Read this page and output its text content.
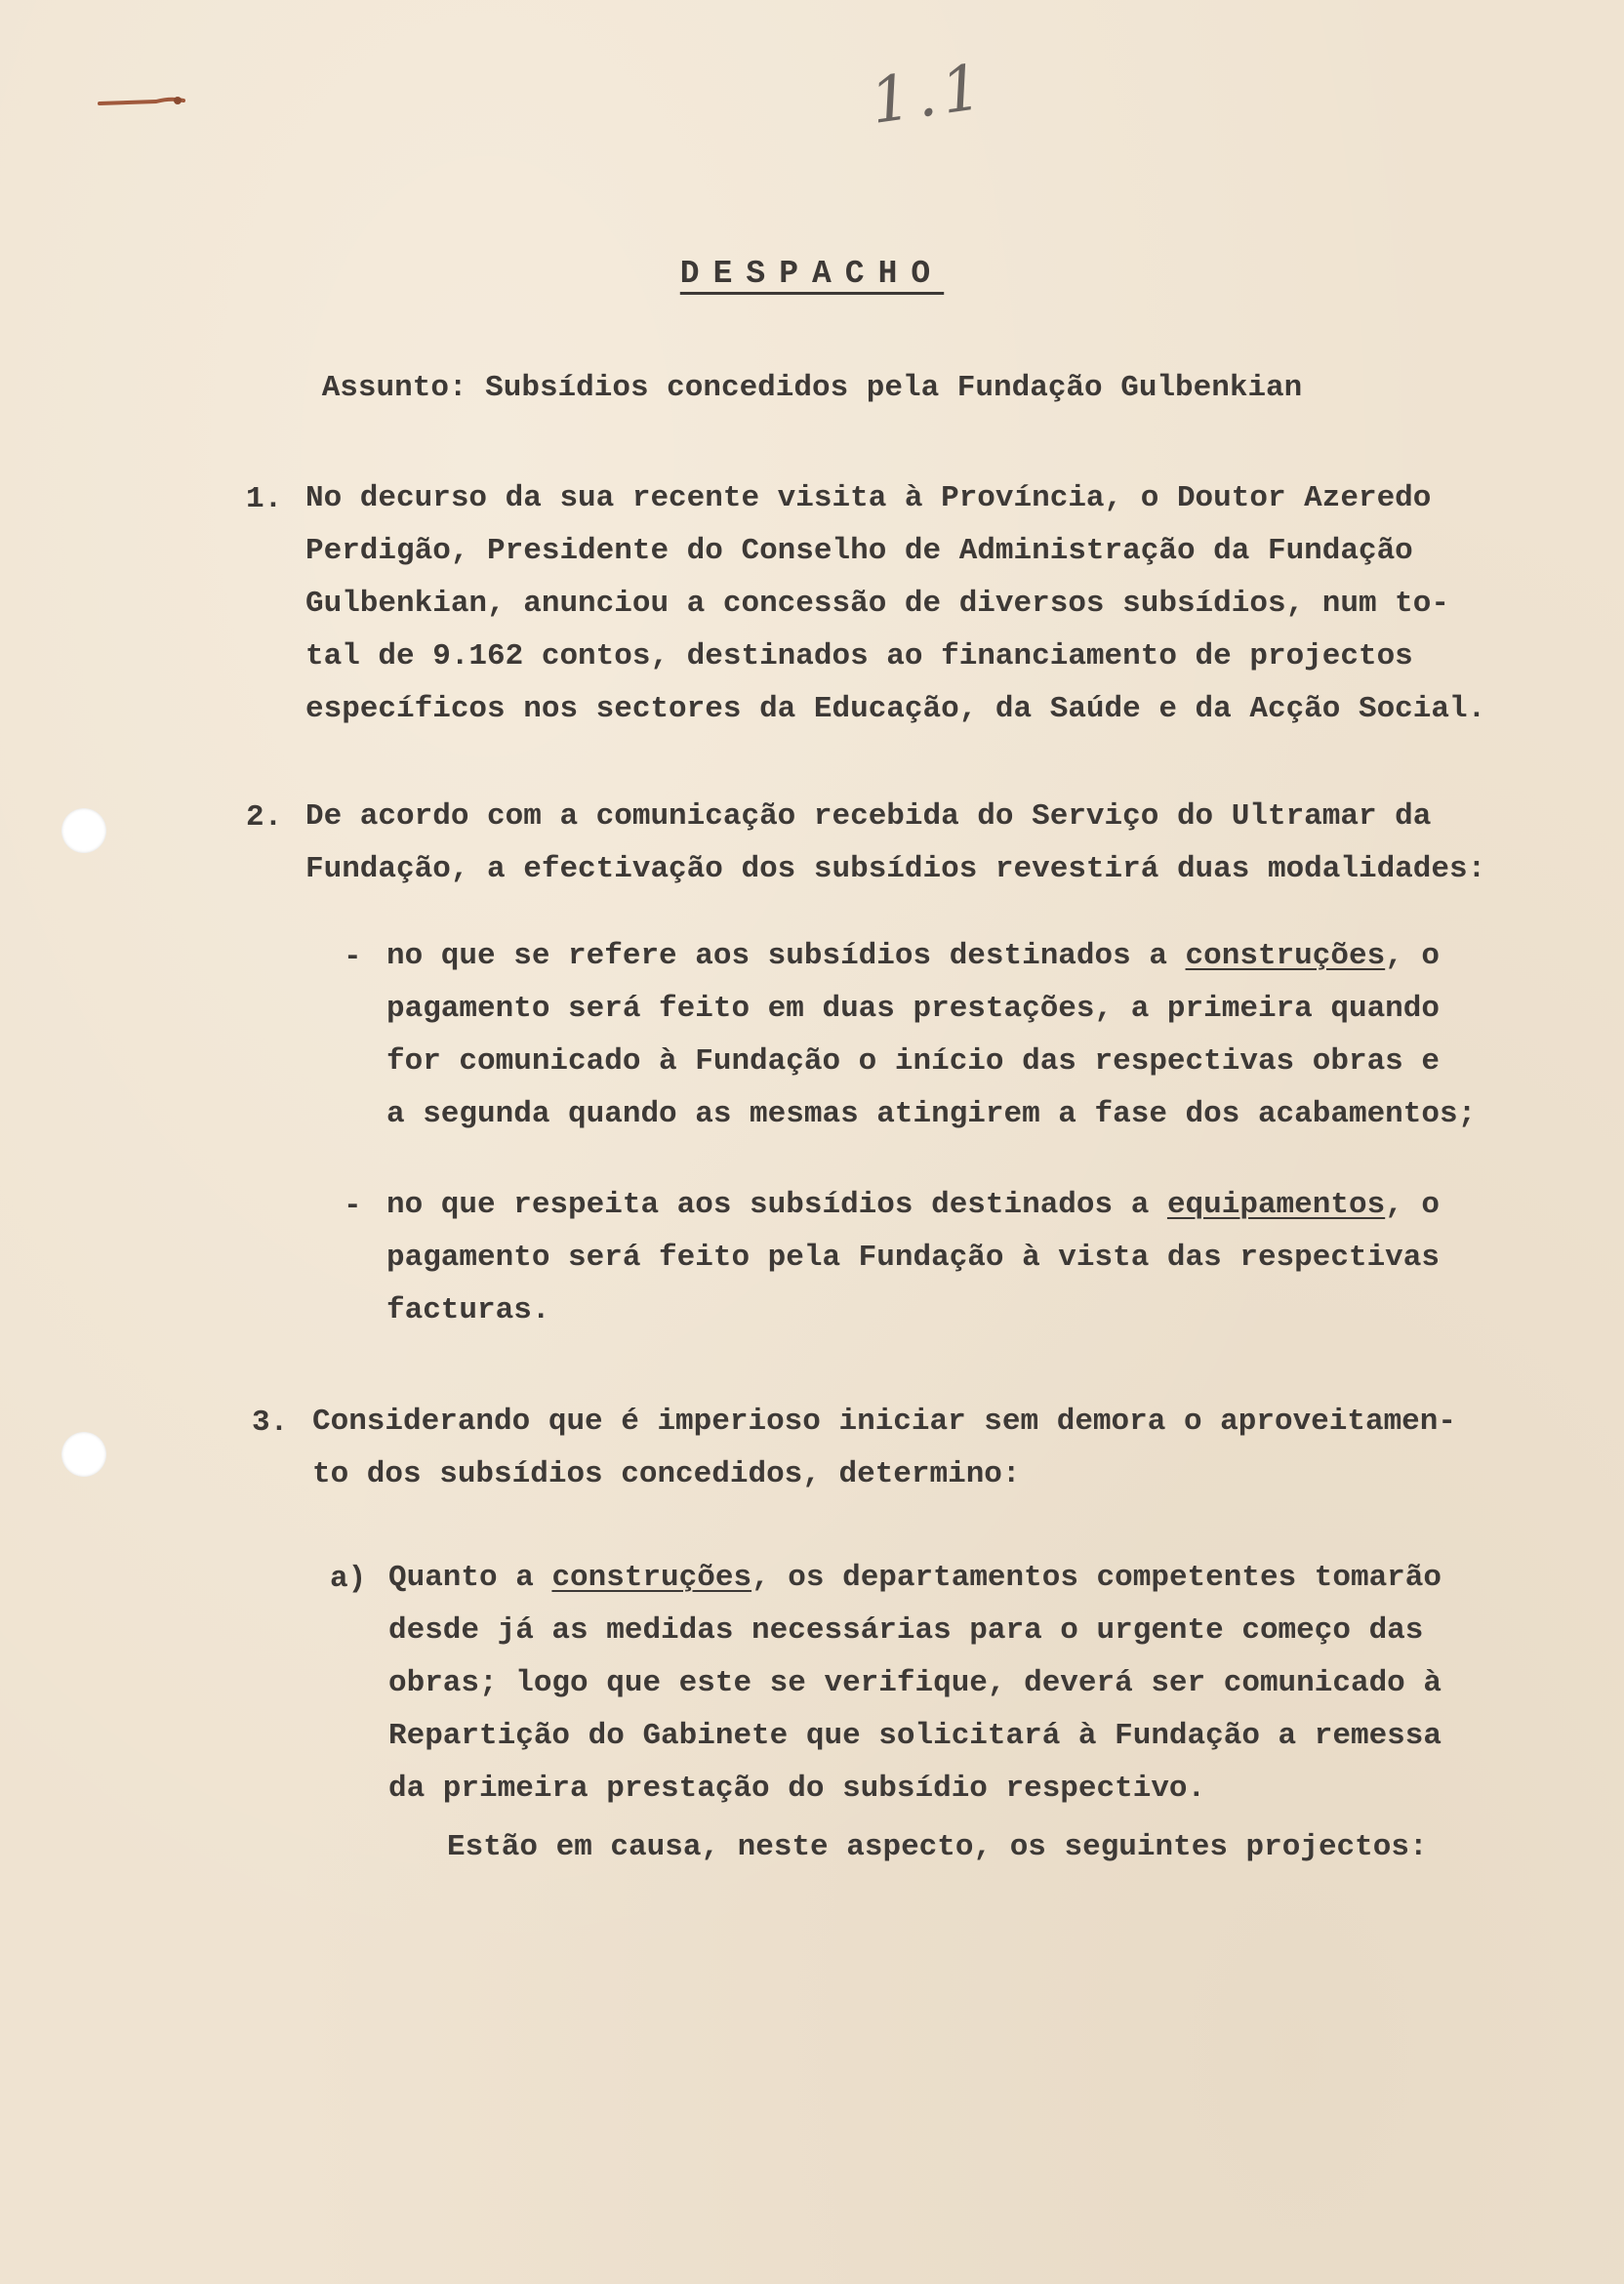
1.1
DESPACHO
Assunto: Subsídios concedidos pela Fundação Gulbenkian
1. No decurso da sua recente visita à Província, o Doutor Azeredo
Perdigão, Presidente do Conselho de Administração da Fundação
Gulbenkian, anunciou a concessão de diversos subsídios, num to-
tal de 9.162 contos, destinados ao financiamento de projectos
específicos nos sectores da Educação, da Saúde e da Acção Social.
2. De acordo com a comunicação recebida do Serviço do Ultramar da
Fundação, a efectivação dos subsídios revestirá duas modalidades:
- no que se refere aos subsídios destinados a construções, o
pagamento será feito em duas prestações, a primeira quando
for comunicado à Fundação o início das respectivas obras e
a segunda quando as mesmas atingirem a fase dos acabamentos;
- no que respeita aos subsídios destinados a equipamentos, o
pagamento será feito pela Fundação à vista das respectivas
facturas.
3. Considerando que é imperioso iniciar sem demora o aproveitamen-
to dos subsídios concedidos, determino:
a) Quanto a construções, os departamentos competentes tomarão
desde já as medidas necessárias para o urgente começo das
obras; logo que este se verifique, deverá ser comunicado à
Repartição do Gabinete que solicitará à Fundação a remessa
da primeira prestação do subsídio respectivo.
Estão em causa, neste aspecto, os seguintes projectos:
